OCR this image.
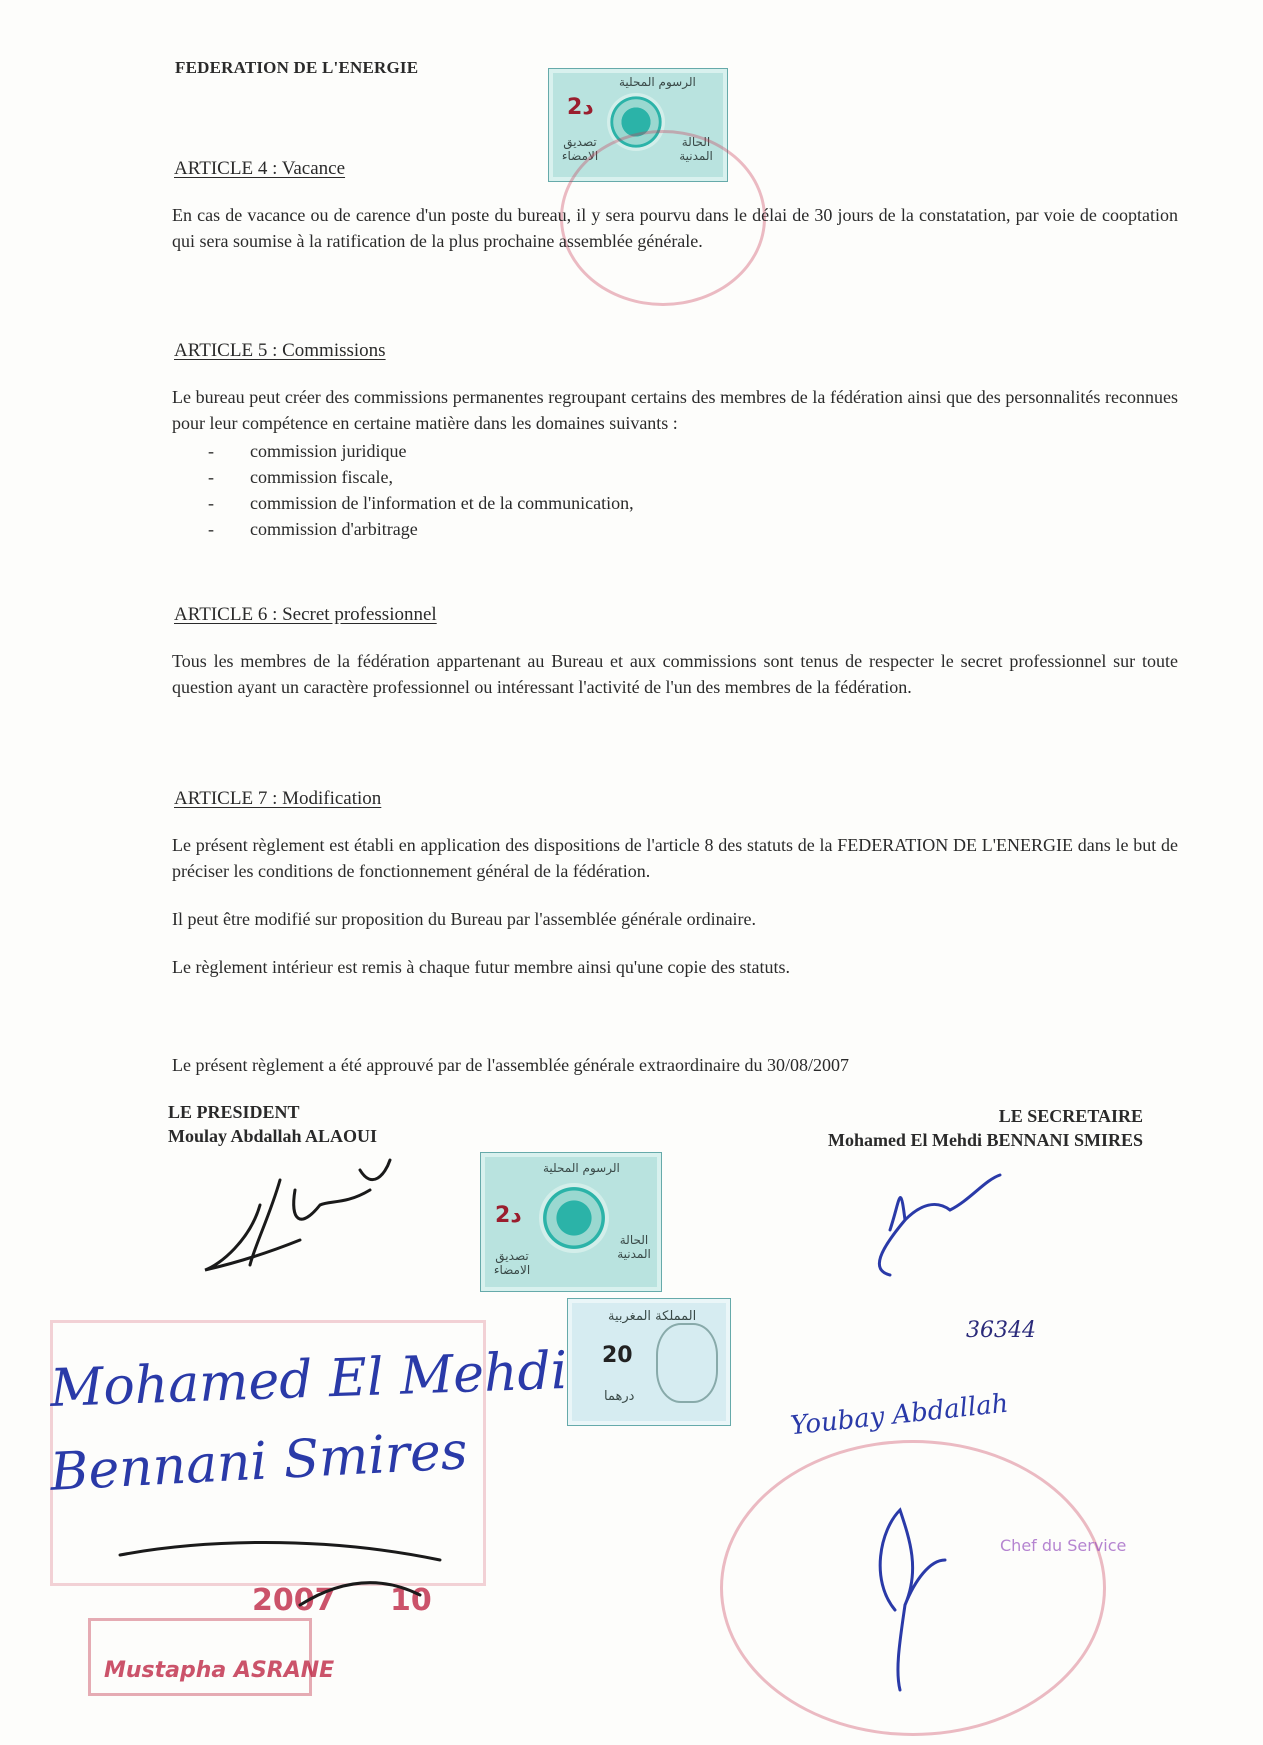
FEDERATION DE L'ENERGIE
2د
الرسوم المحلية
تصديق الامضاء
الحالة المدنية
ARTICLE 4 : Vacance

En cas de vacance ou de carence d'un poste du bureau, il y sera pourvu dans le délai de 30 jours de la constatation, par voie de cooptation qui sera soumise à la ratification de la plus prochaine assemblée générale.

ARTICLE 5 : Commissions

Le bureau peut créer des commissions permanentes regroupant certains des membres de la fédération ainsi que des personnalités reconnues pour leur compétence en certaine matière dans les domaines suivants :

- commission juridique
- commission fiscale,
- commission de l'information et de la communication,
- commission d'arbitrage
ARTICLE 6 : Secret professionnel

Tous les membres de la fédération appartenant au Bureau et aux commissions sont tenus de respecter le secret professionnel sur toute question ayant un caractère professionnel ou intéressant l'activité de l'un des membres de la fédération.

ARTICLE 7 : Modification

Le présent règlement est établi en application des dispositions de l'article 8 des statuts de la FEDERATION DE L'ENERGIE dans le but de préciser les conditions de fonctionnement général de la fédération.

Il peut être modifié sur proposition du Bureau par l'assemblée générale ordinaire.

Le règlement intérieur est remis à chaque futur membre ainsi qu'une copie des statuts.

Le présent règlement a été approuvé par de l'assemblée générale extraordinaire du 30/08/2007
LE PRESIDENT
Moulay Abdallah ALAOUI
LE SECRETAIRE
Mohamed El Mehdi BENNANI SMIRES
2د
الرسوم المحلية
تصديق الامضاء
الحالة المدنية
المملكة المغربية
20
درهما
Mustapha ASRANE
2007 10
Chef du Service
36344
Mohamed El Mehdi
Bennani Smires
Youbay Abdallah
